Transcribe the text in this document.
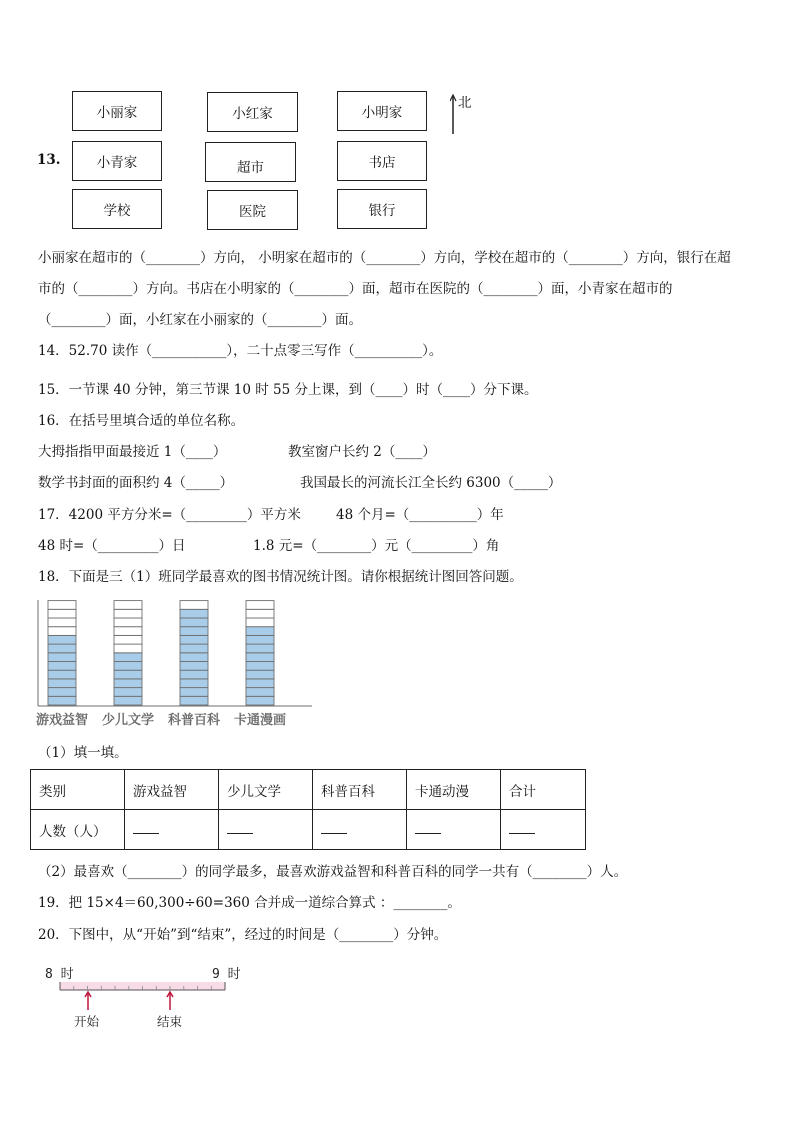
北
13.
小丽家	小红家	小明家
小青家	超市	书店
学校	医院	银行
小丽家在超市的（________）方向， 小明家在超市的（________）方向，学校在超市的（________）方向，银行在超
市的（________）方向。书店在小明家的（________）面，超市在医院的（________）面，小青家在超市的
（________）面，小红家在小丽家的（________）面。
14．52.70 读作（___________），二十点零三写作（__________）。
15．一节课 40 分钟，第三节课 10 时 55 分上课，到（____）时（____）分下课。
16．在括号里填合适的单位名称。
大拇指指甲面最接近 1（____）	教室窗户长约 2（____）
数学书封面的面积约 4（_____）	我国最长的河流长江全长约 6300（_____）
17．4200 平方分米=（_________）平方米	48 个月=（__________）年
48 时=（_________）日	1.8 元=（________）元（_________）角
18．下面是三（1）班同学最喜欢的图书情况统计图。请你根据统计图回答问题。
游戏益智 少儿文学 科普百科 卡通漫画
（1）填一填。
类别	游戏益智	少儿文学	科普百科	卡通动漫	合计
人数（人）					
（2）最喜欢（________）的同学最多，最喜欢游戏益智和科普百科的同学一共有（________）人。
19．把 15×4＝60,300÷60=360 合并成一道综合算式 ：________。
20．下图中，从“开始”到“结束”，经过的时间是（________）分钟。
8 时	9 时
开始	结束
